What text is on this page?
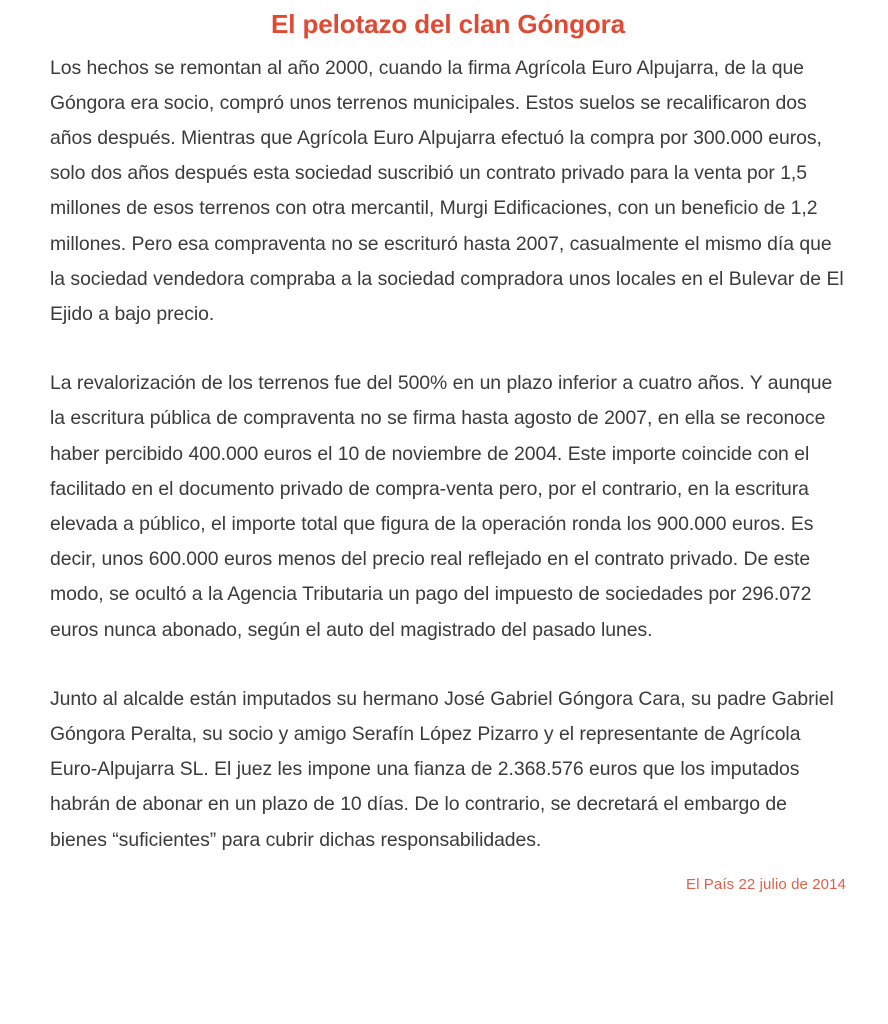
El pelotazo del clan Góngora

Los hechos se remontan al año 2000, cuando la firma Agrícola Euro Alpujarra, de la que Góngora era socio, compró unos terrenos municipales. Estos suelos se recalificaron dos años después. Mientras que Agrícola Euro Alpujarra efectuó la compra por 300.000 euros, solo dos años después esta sociedad suscribió un contrato privado para la venta por 1,5 millones de esos terrenos con otra mercantil, Murgi Edificaciones, con un beneficio de 1,2 millones. Pero esa compraventa no se escrituró hasta 2007, casualmente el mismo día que la sociedad vendedora compraba a la sociedad compradora unos locales en el Bulevar de El Ejido a bajo precio.

La revalorización de los terrenos fue del 500% en un plazo inferior a cuatro años. Y aunque la escritura pública de compraventa no se firma hasta agosto de 2007, en ella se reconoce haber percibido 400.000 euros el 10 de noviembre de 2004. Este importe coincide con el facilitado en el documento privado de compra-venta pero, por el contrario, en la escritura elevada a público, el importe total que figura de la operación ronda los 900.000 euros. Es decir, unos 600.000 euros menos del precio real reflejado en el contrato privado. De este modo, se ocultó a la Agencia Tributaria un pago del impuesto de sociedades por 296.072 euros nunca abonado, según el auto del magistrado del pasado lunes.

Junto al alcalde están imputados su hermano José Gabriel Góngora Cara, su padre Gabriel Góngora Peralta, su socio y amigo Serafín López Pizarro y el representante de Agrícola Euro-Alpujarra SL. El juez les impone una fianza de 2.368.576 euros que los imputados habrán de abonar en un plazo de 10 días. De lo contrario, se decretará el embargo de bienes “suficientes” para cubrir dichas responsabilidades.

El País 22 julio de 2014
